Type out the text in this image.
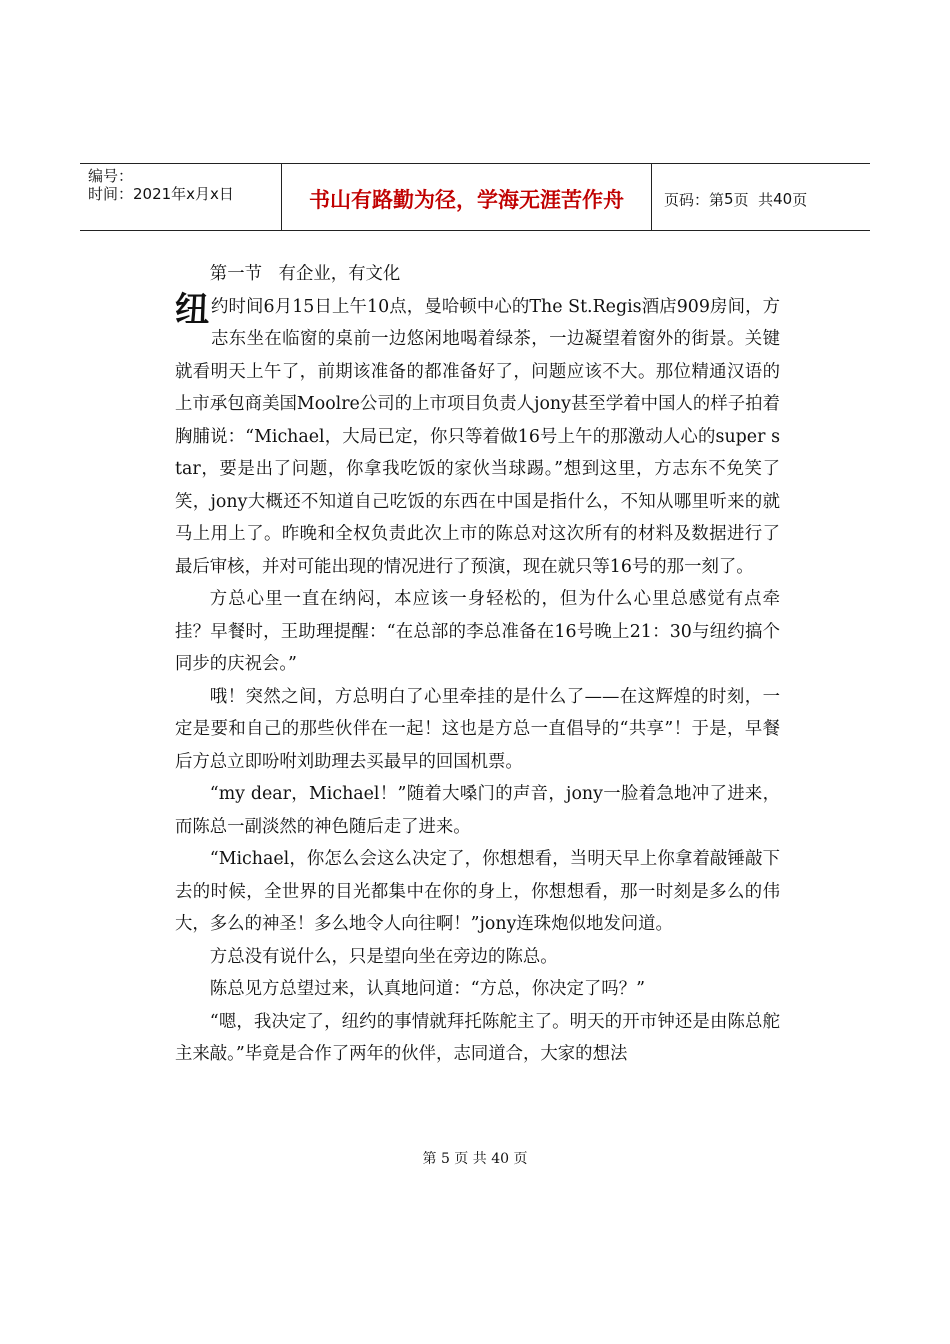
编号：
时间：2021年x月x日	书山有路勤为径，学海无涯苦作舟	页码：第 5 页  共 40 页

第一节   有企业，有文化

纽约时间6月15日上午10点，曼哈顿中心的The St.Regis酒店909房间，方志东坐在临窗的桌前一边悠闲地喝着绿茶，一边凝望着窗外的街景。关键就看明天上午了，前期该准备的都准备好了，问题应该不大。那位精通汉语的上市承包商美国Moolre公司的上市项目负责人jony甚至学着中国人的样子拍着胸脯说：“Michael，大局已定，你只等着做16号上午的那激动人心的super star，要是出了问题，你拿我吃饭的家伙当球踢。”想到这里，方志东不免笑了笑，jony大概还不知道自己吃饭的东西在中国是指什么，不知从哪里听来的就马上用上了。昨晚和全权负责此次上市的陈总对这次所有的材料及数据进行了最后审核，并对可能出现的情况进行了预演，现在就只等16号的那一刻了。

方总心里一直在纳闷，本应该一身轻松的，但为什么心里总感觉有点牵挂？早餐时，王助理提醒：“在总部的李总准备在16号晚上21：30与纽约搞个同步的庆祝会。”

哦！突然之间，方总明白了心里牵挂的是什么了——在这辉煌的时刻，一定是要和自己的那些伙伴在一起！这也是方总一直倡导的“共享”！于是，早餐后方总立即吩咐刘助理去买最早的回国机票。

“my dear，Michael！”随着大嗓门的声音，jony一脸着急地冲了进来，而陈总一副淡然的神色随后走了进来。

“Michael，你怎么会这么决定了，你想想看，当明天早上你拿着敲锤敲下去的时候，全世界的目光都集中在你的身上，你想想看，那一时刻是多么的伟大，多么的神圣！多么地令人向往啊！”jony连珠炮似地发问道。

方总没有说什么，只是望向坐在旁边的陈总。

陈总见方总望过来，认真地问道：“方总，你决定了吗？”

“嗯，我决定了，纽约的事情就拜托陈舵主了。明天的开市钟还是由陈总舵主来敲。”毕竟是合作了两年的伙伴，志同道合，大家的想法

第 5 页 共 40 页
